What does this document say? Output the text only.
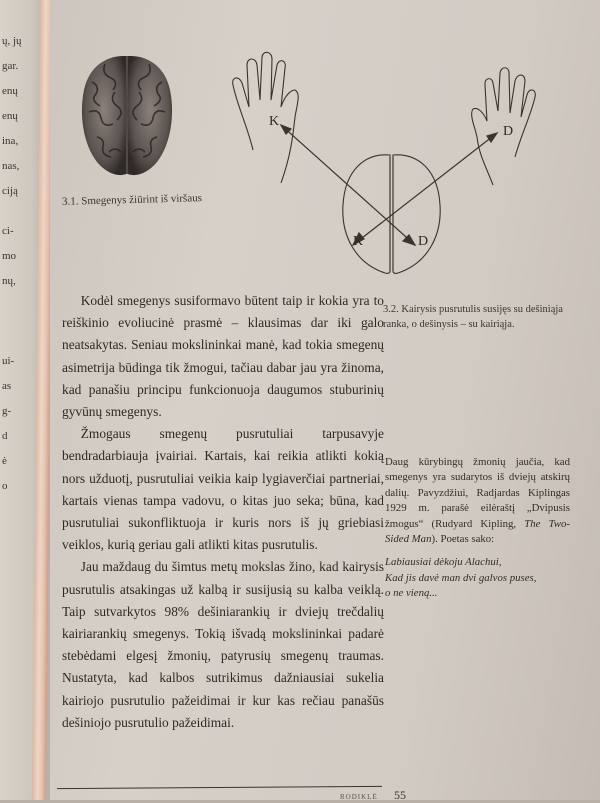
ų, jų
gar.
enų
enų
ina,
nas,
ciją
ci-
mo
nų,
ui-
as
g-
d
ė
o
3.1. Smegenys žiūrint iš viršaus
K
D
K	D
3.2. Kairysis pusrutulis susijęs su dešiniąja ranka, o dešinysis – su kairiąja.

Kodėl smegenys susiformavo būtent taip ir kokia yra to reiškinio evoliucinė prasmė – klausimas dar iki galo neatsakytas. Seniau mokslininkai manė, kad tokia smegenų asimetrija būdinga tik žmogui, tačiau dabar jau yra žinoma, kad panašiu principu funkcionuoja daugumos stuburinių gyvūnų smegenys.

Žmogaus smegenų pusrutuliai tarpusavyje bendradarbiauja įvairiai. Kartais, kai reikia atlikti kokią nors užduotį, pusrutuliai veikia kaip lygiaverčiai partneriai, kartais vienas tampa vadovu, o kitas juo seka; būna, kad pusrutuliai sukonfliktuoja ir kuris nors iš jų griebiasi veiklos, kurią geriau gali atlikti kitas pusrutulis.

Jau maždaug du šimtus metų mokslas žino, kad kairysis pusrutulis atsakingas už kalbą ir susijusią su kalba veiklą. Taip sutvarkytos 98% dešiniarankių ir dviejų trečdalių kairiarankių smegenys. Tokią išvadą mokslininkai padarė stebėdami elgesį žmonių, patyrusių smegenų traumas. Nustatyta, kad kalbos sutrikimus dažniausiai sukelia kairiojo pusrutulio pažeidimai ir kur kas rečiau panašūs dešiniojo pusrutulio pažeidimai.

Daug kūrybingų žmonių jaučia, kad smegenys yra sudarytos iš dviejų atskirų dalių. Pavyzdžiui, Radjardas Kiplingas 1929 m. parašė eilėraštį „Dvipusis žmogus“ (Rudyard Kipling, The Two-Sided Man). Poetas sako:

Labiausiai dėkoju Alachui,
Kad jis davė man dvi galvos puses,
o ne vieną...

RODIKLĖ 55
